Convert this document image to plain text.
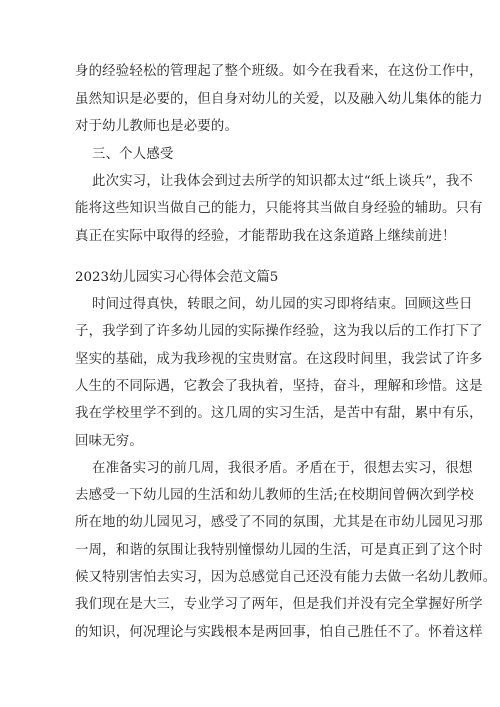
身的经验轻松的管理起了整个班级。如今在我看来，在这份工作中，
虽然知识是必要的，但自身对幼儿的关爱，以及融入幼儿集体的能力
对于幼儿教师也是必要的。
三、个人感受
此次实习，让我体会到过去所学的知识都太过“纸上谈兵”，我不
能将这些知识当做自己的能力，只能将其当做自身经验的辅助。只有
真正在实际中取得的经验，才能帮助我在这条道路上继续前进！
2023幼儿园实习心得体会范文篇5
时间过得真快，转眼之间，幼儿园的实习即将结束。回顾这些日
子，我学到了许多幼儿园的实际操作经验，这为我以后的工作打下了
坚实的基础，成为我珍视的宝贵财富。在这段时间里，我尝试了许多
人生的不同际遇，它教会了我执着，坚持，奋斗，理解和珍惜。这是
我在学校里学不到的。这几周的实习生活，是苦中有甜，累中有乐，
回味无穷。
在准备实习的前几周，我很矛盾。矛盾在于，很想去实习，很想
去感受一下幼儿园的生活和幼儿教师的生活;在校期间曾俩次到学校
所在地的幼儿园见习，感受了不同的氛围，尤其是在市幼儿园见习那
一周，和谐的氛围让我特别憧憬幼儿园的生活，可是真正到了这个时
候又特别害怕去实习，因为总感觉自己还没有能力去做一名幼儿教师。
我们现在是大三，专业学习了两年，但是我们并没有完全掌握好所学
的知识，何况理论与实践根本是两回事，怕自己胜任不了。怀着这样
